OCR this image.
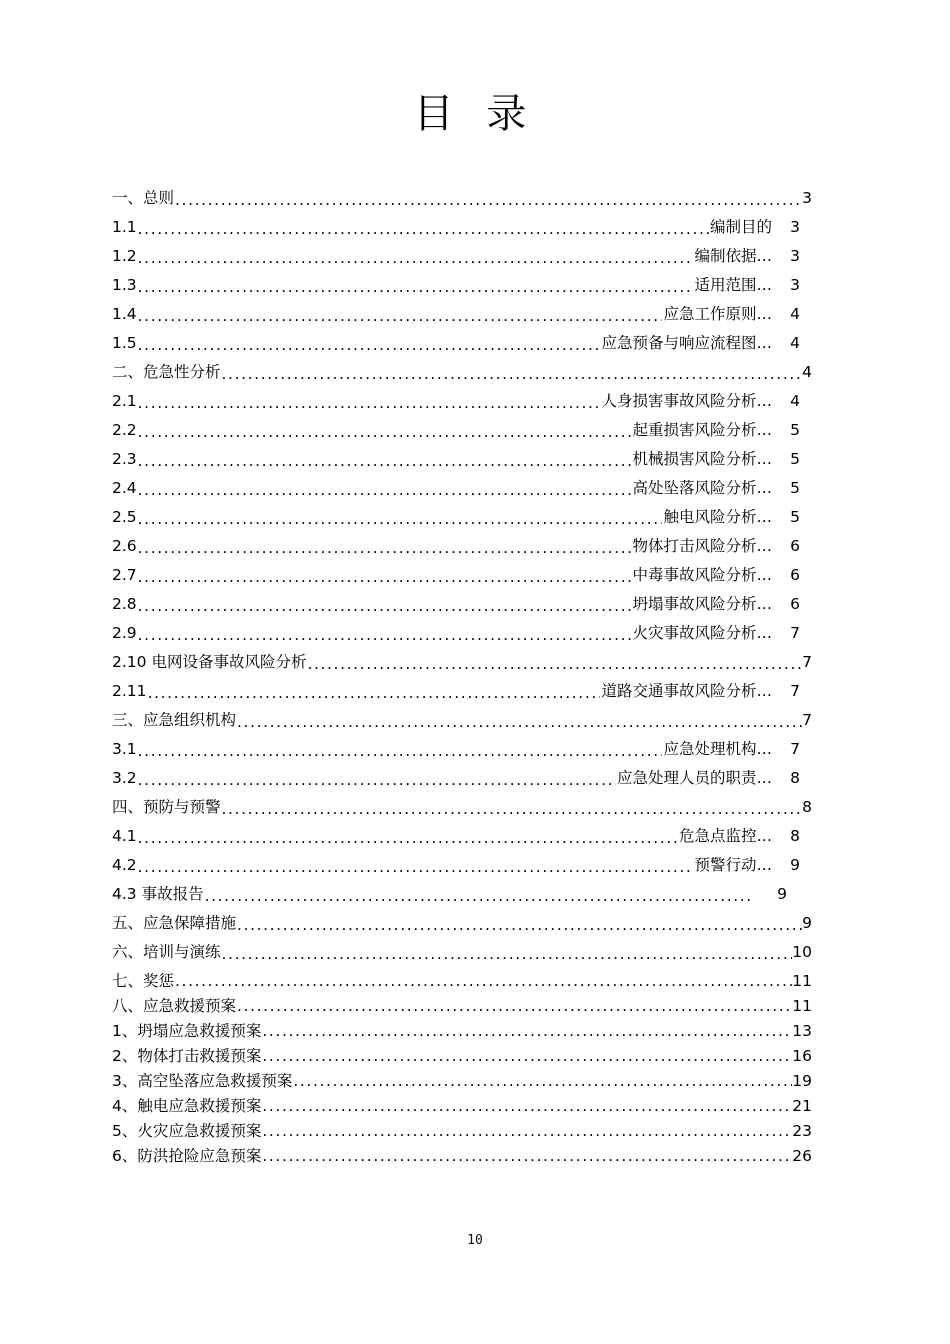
目 录
一、总则 .....	3
1.1 .....	编制目的	3
1.2 .....	编制依据…	3
1.3 .....	适用范围…	3
1.4 .....	应急工作原则…	4
1.5 .....	应急预备与响应流程图…	4
二、危急性分析 .....	4
2.1 .....	人身损害事故风险分析…	4
2.2 .....	起重损害风险分析…	5
2.3 .....	机械损害风险分析…	5
2.4 .....	高处坠落风险分析…	5
2.5 .....	触电风险分析…	5
2.6 .....	物体打击风险分析…	6
2.7 .....	中毒事故风险分析…	6
2.8 .....	坍塌事故风险分析…	6
2.9 .....	火灾事故风险分析…	7
2.10 电网设备事故风险分析 .....	7
2.11 .....	道路交通事故风险分析…	7
三、应急组织机构 .....	7
3.1 .....	应急处理机构…	7
3.2 .....	应急处理人员的职责…	8
四、预防与预警 .....	8
4.1 .....	危急点监控…	8
4.2 .....	预警行动…	9
4.3 事故报告 .....	9
五、应急保障措施 .....	9
六、培训与演练 .....	10
七、奖惩 .....	11
八、应急救援预案 .....	11
1、坍塌应急救援预案 .....	13
2、物体打击救援预案 .....	16
3、高空坠落应急救援预案 .....	19
4、触电应急救援预案 .....	21
5、火灾应急救援预案 .....	23
6、防洪抢险应急预案 .....	26
10
